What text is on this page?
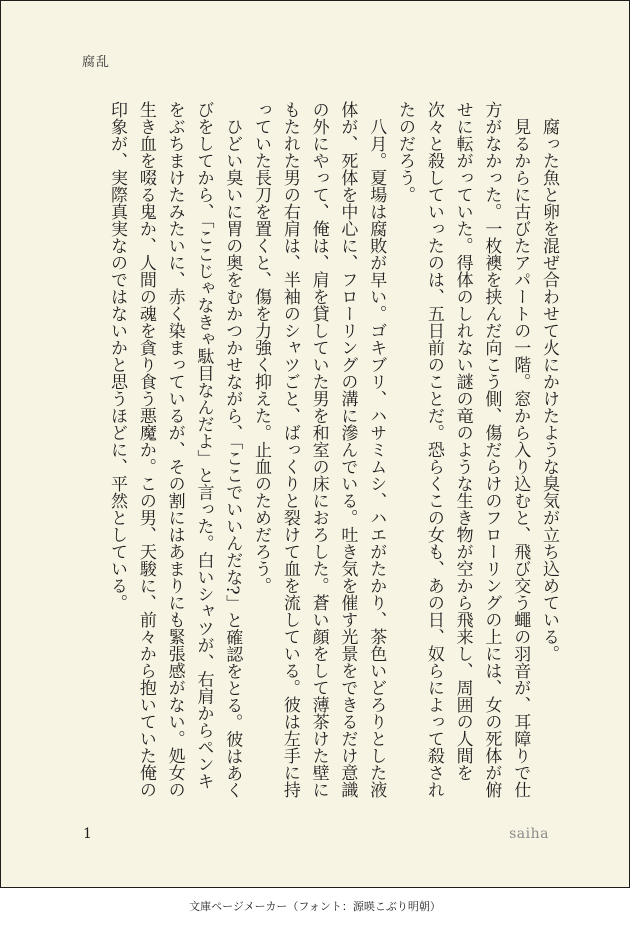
腐乱

腐った魚と卵を混ぜ合わせて火にかけたような臭気が立ち込めている。

見るからに古びたアパートの一階。窓から入り込むと、飛び交う蠅の羽音が、耳障りで仕方がなかった。一枚襖を挟んだ向こう側、傷だらけのフローリングの上には、女の死体が俯せに転がっていた。得体のしれない謎の竜のような生き物が空から飛来し、周囲の人間を次々と殺していったのは、五日前のことだ。恐らくこの女も、あの日、奴らによって殺されたのだろう。

八月。夏場は腐敗が早い。ゴキブリ、ハサミムシ、ハエがたかり、茶色いどろりとした液体が、死体を中心に、フローリングの溝に滲んでいる。吐き気を催す光景をできるだけ意識の外にやって、俺は、肩を貸していた男を和室の床におろした。蒼い顔をして薄茶けた壁にもたれた男の右肩は、半袖のシャツごと、ばっくりと裂けて血を流している。彼は左手に持っていた長刀を置くと、傷を力強く抑えた。止血のためだろう。

ひどい臭いに胃の奥をむかつかせながら、「ここでいいんだな?」と確認をとる。彼はあくびをしてから、「ここじゃなきゃ駄目なんだよ」と言った。白いシャツが、右肩からペンキをぶちまけたみたいに、赤く染まっているが、その割にはあまりにも緊張感がない。処女の生き血を啜る鬼か、人間の魂を貪り食う悪魔か。この男、天駿に、前々から抱いていた俺の印象が、実際真実なのではないかと思うほどに、平然としている。

1	saiha
文庫ページメーカー（フォント：源暎こぶり明朝）
